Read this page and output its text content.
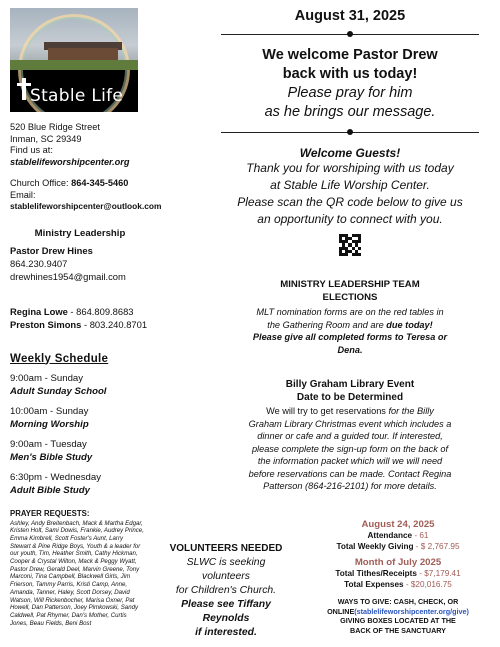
Stable Life
520 Blue Ridge Street
Inman, SC 29349
Find us at:
stablelifeworshipcenter.org
Church Office: 864-345-5460
Email:
stablelifeworshipcenter@outlook.com
Ministry Leadership
Pastor Drew Hines
864.230.9407
drewhines1954@gmail.com
Regina Lowe - 864.809.8683
Preston Simons - 803.240.8701
Weekly Schedule
9:00am - Sunday
Adult Sunday School
10:00am - Sunday
Morning Worship
9:00am - Tuesday
Men's Bible Study
6:30pm - Wednesday
Adult Bible Study
PRAYER REQUESTS:
Ashley, Andy Breitenbach, Mack & Martha Edgar, Kristen Holt, Sami Dowis, Frankie, Audrey Prince, Emma Kimbrell, Scott Foster's Aunt, Larry Stewart & Pine Ridge Boys, Youth & a leader for our youth, Tim, Heather Smith, Cathy Hickman, Cooper & Crystal Wilton, Mack & Peggy Wyatt, Pastor Drew, Gerald Deel, Marvin Greene, Tony Marconi, Tina Campbell, Blackwell Girls, Jim Frierson, Tammy Parris, Kristi Camp, Anne, Amanda, Tanner, Haley, Scott Dorsey, David Watson, Will Rickenbocher, Marisa Oxner, Pat Howell, Dan Patterson, Joey Pimkowski, Sandy Caldwell, Pat Rhymer, Dan's Mother, Curtis Jones, Beau Fields, Beni Bost
August 31, 2025
We welcome Pastor Drew
back with us today!
Please pray for him
as he brings our message.
Welcome Guests!
Thank you for worshiping with us today
at Stable Life Worship Center.
Please scan the QR code below to give us
an opportunity to connect with you.
MINISTRY LEADERSHIP TEAM
ELECTIONS
MLT nomination forms are on the red tables in
the Gathering Room and are due today!
Please give all completed forms to Teresa or
Dena.
Billy Graham Library Event
Date to be Determined
We will try to get reservations for the Billy
Graham Library Christmas event which includes a
dinner or cafe and a guided tour. If interested,
please complete the sign-up form on the back of
the information packet which will we will need
before reservations can be made. Contact Regina
Patterson (864-216-2101) for more details.
VOLUNTEERS NEEDED
SLWC is seeking volunteers
for Children's Church.
Please see Tiffany Reynolds
if interested.
August 24, 2025
Attendance - 61
Total Weekly Giving - $ 2,767.95
Month of July 2025
Total Tithes/Receipts - $7,179.41
Total Expenses - $20,016.75
WAYS TO GIVE: CASH, CHECK, OR
ONLINE(stablelifeworshipcenter.org/give)
GIVING BOXES LOCATED AT THE
BACK OF THE SANCTUARY
